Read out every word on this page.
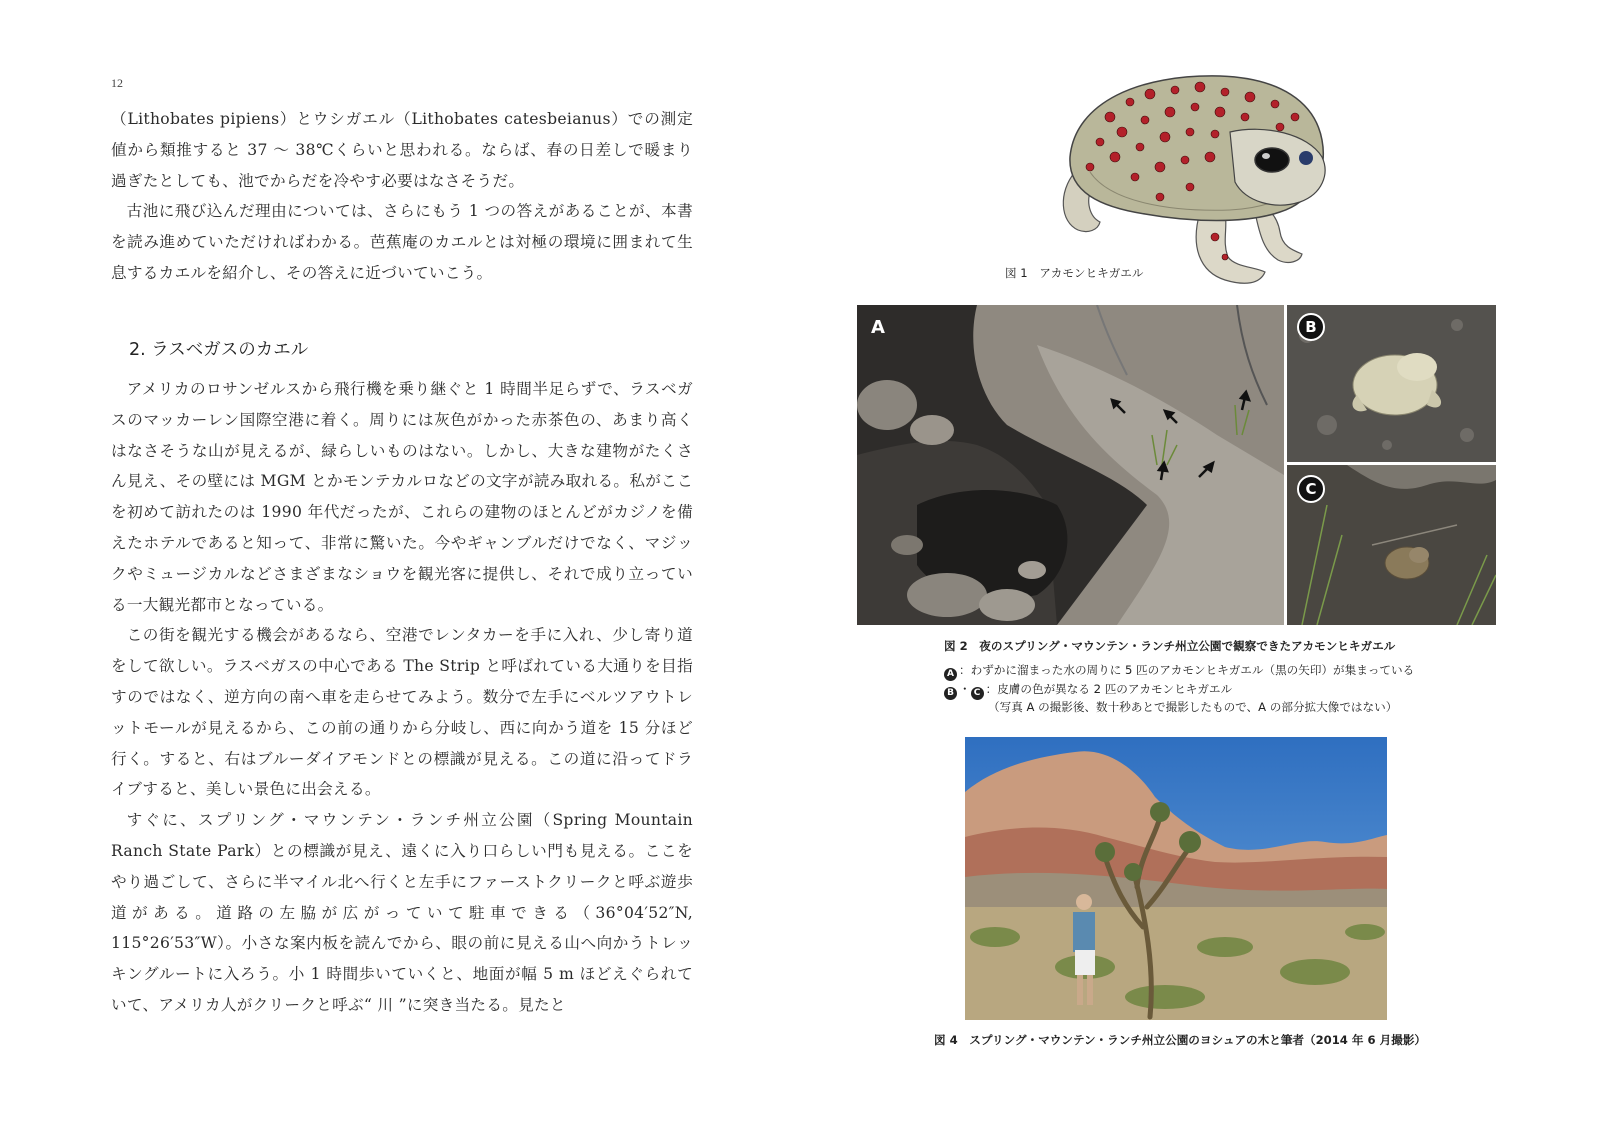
12

（Lithobates pipiens）とウシガエル（Lithobates catesbeianus）での測定値から類推すると 37 〜 38℃くらいと思われる。ならば、春の日差しで暖まり過ぎたとしても、池でからだを冷やす必要はなさそうだ。

古池に飛び込んだ理由については、さらにもう 1 つの答えがあることが、本書を読み進めていただければわかる。芭蕉庵のカエルとは対極の環境に囲まれて生息するカエルを紹介し、その答えに近づいていこう。

2. ラスベガスのカエル

アメリカのロサンゼルスから飛行機を乗り継ぐと 1 時間半足らずで、ラスベガスのマッカーレン国際空港に着く。周りには灰色がかった赤茶色の、あまり高くはなさそうな山が見えるが、緑らしいものはない。しかし、大きな建物がたくさん見え、その壁には MGM とかモンテカルロなどの文字が読み取れる。私がここを初めて訪れたのは 1990 年代だったが、これらの建物のほとんどがカジノを備えたホテルであると知って、非常に驚いた。今やギャンブルだけでなく、マジックやミュージカルなどさまざまなショウを観光客に提供し、それで成り立っている一大観光都市となっている。

この街を観光する機会があるなら、空港でレンタカーを手に入れ、少し寄り道をして欲しい。ラスベガスの中心である The Strip と呼ばれている大通りを目指すのではなく、逆方向の南へ車を走らせてみよう。数分で左手にベルツアウトレットモールが見えるから、この前の通りから分岐し、西に向かう道を 15 分ほど行く。すると、右はブルーダイアモンドとの標識が見える。この道に沿ってドライブすると、美しい景色に出会える。

すぐに、スプリング・マウンテン・ランチ州立公園（Spring Mountain Ranch State Park）との標識が見え、遠くに入り口らしい門も見える。ここをやり過ごして、さらに半マイル北へ行くと左手にファーストクリークと呼ぶ遊歩道がある。道路の左脇が広がっていて駐車できる（36°04′52″N, 115°26′53″W）。小さな案内板を読んでから、眼の前に見える山へ向かうトレッキングルートに入ろう。小 1 時間歩いていくと、地面が幅 5 m ほどえぐられていて、アメリカ人がクリークと呼ぶ“ 川 ”に突き当たる。見たと

図 1　アカモンヒキガエル
A	B
C
図 2　夜のスプリング・マウンテン・ランチ州立公園で観察できたアカモンヒキガエル
A ：わずかに溜まった水の周りに 5 匹のアカモンヒキガエル（黒の矢印）が集まっている
B ・ C ：皮膚の色が異なる 2 匹のアカモンヒキガエル
（写真 A の撮影後、数十秒あとで撮影したもので、A の部分拡大像ではない）
図 4　スプリング・マウンテン・ランチ州立公園のヨシュアの木と筆者（2014 年 6 月撮影）
